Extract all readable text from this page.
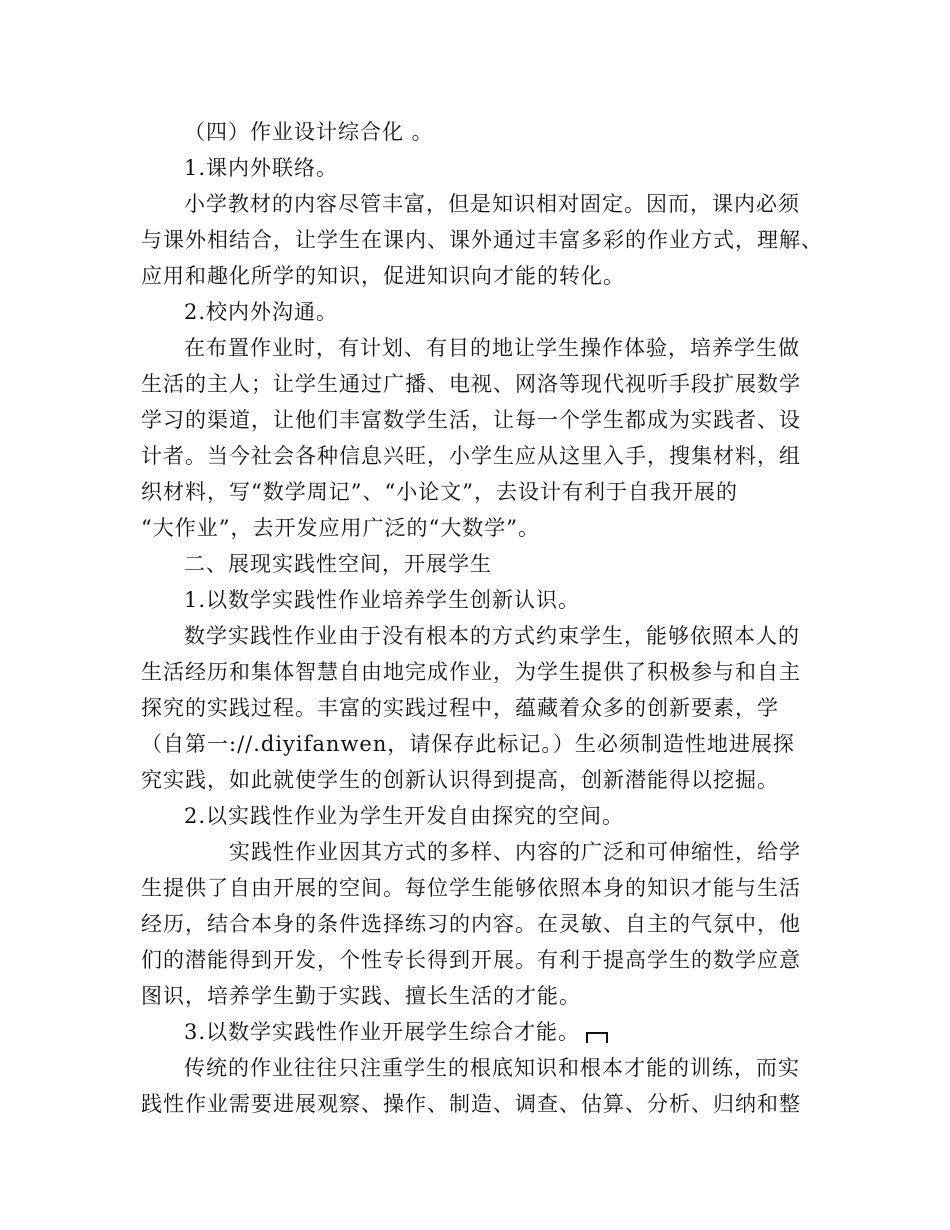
（四）作业设计综合化 。
1.课内外联络。
小学教材的内容尽管丰富，但是知识相对固定。因而，课内必须
与课外相结合，让学生在课内、课外通过丰富多彩的作业方式，理解、
应用和趣化所学的知识，促进知识向才能的转化。
2.校内外沟通。
在布置作业时，有计划、有目的地让学生操作体验，培养学生做
生活的主人；让学生通过广播、电视、网洛等现代视听手段扩展数学
学习的渠道，让他们丰富数学生活，让每一个学生都成为实践者、设
计者。当今社会各种信息兴旺，小学生应从这里入手，搜集材料，组
织材料，写“数学周记”、“小论文”，去设计有利于自我开展的
“大作业”，去开发应用广泛的“大数学”。
二、展现实践性空间，开展学生
1.以数学实践性作业培养学生创新认识。
数学实践性作业由于没有根本的方式约束学生，能够依照本人的
生活经历和集体智慧自由地完成作业，为学生提供了积极参与和自主
探究的实践过程。丰富的实践过程中，蕴藏着众多的创新要素，学
（自第一://.diyifanwen，请保存此标记。）生必须制造性地进展探
究实践，如此就使学生的创新认识得到提高，创新潜能得以挖掘。
2.以实践性作业为学生开发自由探究的空间。
实践性作业因其方式的多样、内容的广泛和可伸缩性，给学
生提供了自由开展的空间。每位学生能够依照本身的知识才能与生活
经历，结合本身的条件选择练习的内容。在灵敏、自主的气氛中，他
们的潜能得到开发，个性专长得到开展。有利于提高学生的数学应意
图识，培养学生勤于实践、擅长生活的才能。
3.以数学实践性作业开展学生综合才能。
传统的作业往往只注重学生的根底知识和根本才能的训练，而实
践性作业需要进展观察、操作、制造、调查、估算、分析、归纳和整
